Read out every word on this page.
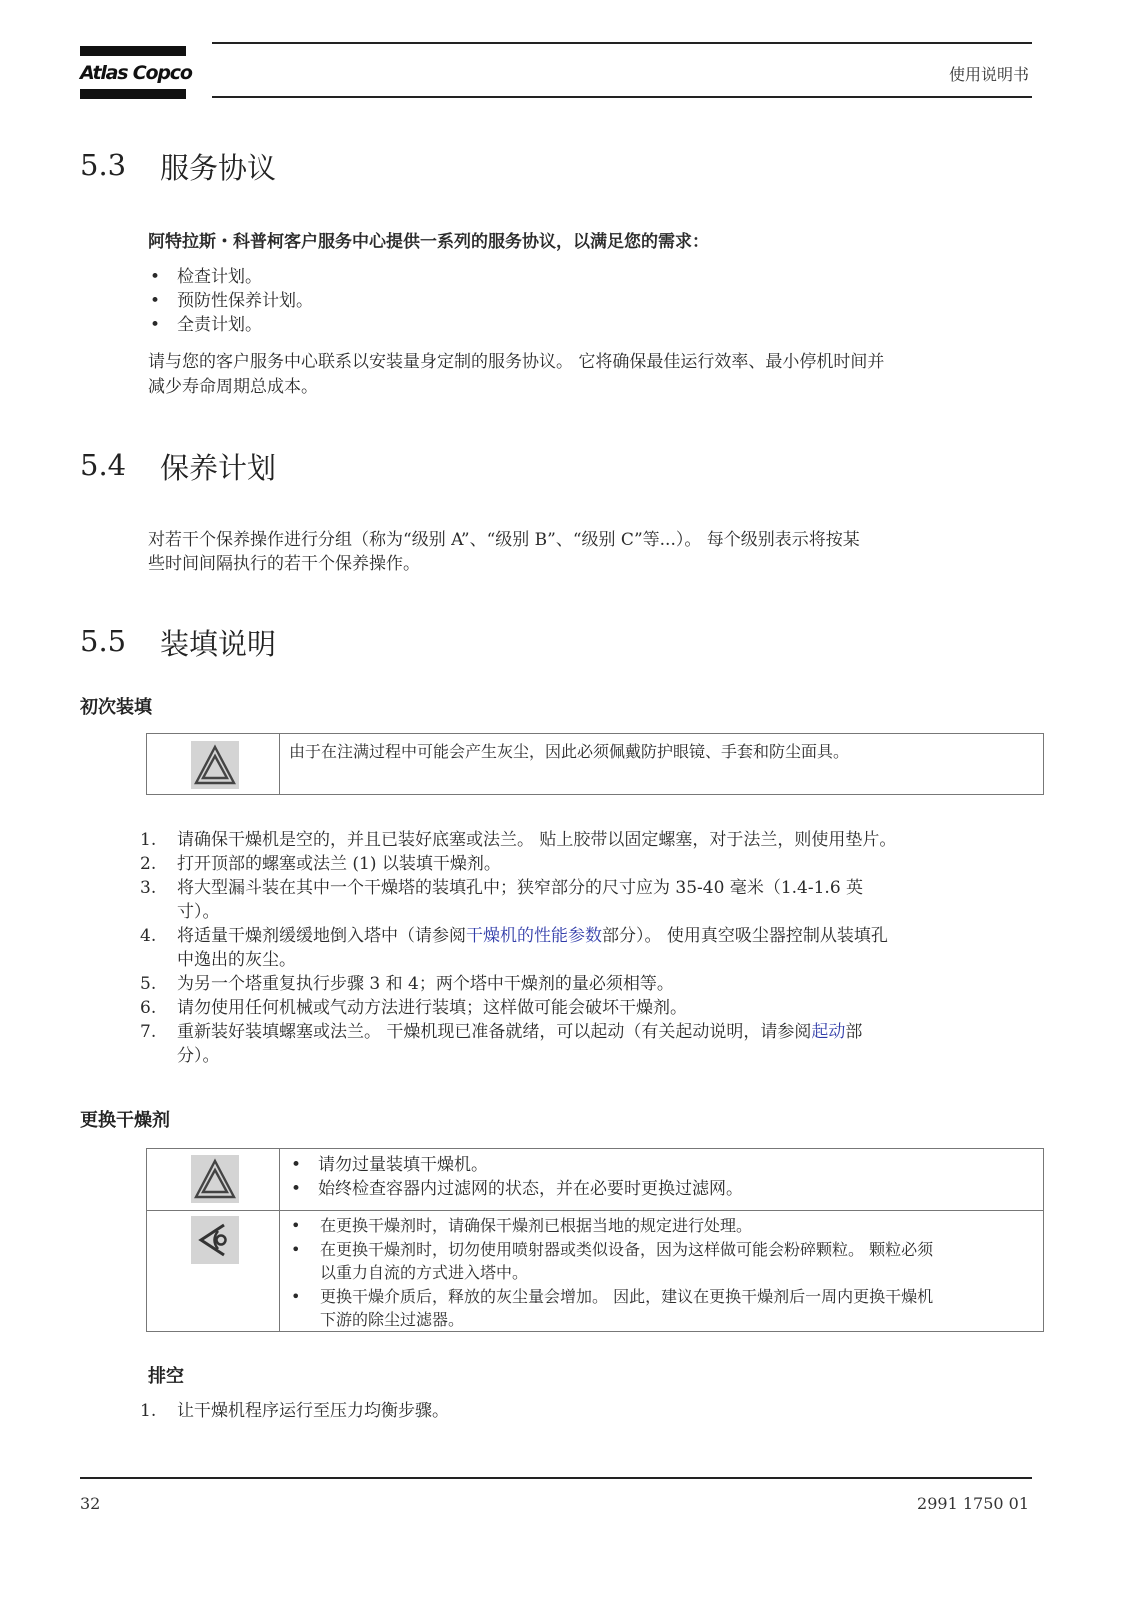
Atlas Copco	使用说明书
5.3 服务协议
阿特拉斯・科普柯客户服务中心提供一系列的服务协议，以满足您的需求：
• 检查计划。
• 预防性保养计划。
• 全责计划。
请与您的客户服务中心联系以安装量身定制的服务协议。 它将确保最佳运行效率、最小停机时间并
减少寿命周期总成本。
5.4 保养计划
对若干个保养操作进行分组（称为“级别 A”、“级别 B”、“级别 C”等...）。 每个级别表示将按某
些时间间隔执行的若干个保养操作。
5.5 装填说明
初次装填
由于在注满过程中可能会产生灰尘，因此必须佩戴防护眼镜、手套和防尘面具。
1. 请确保干燥机是空的，并且已装好底塞或法兰。 贴上胶带以固定螺塞，对于法兰，则使用垫片。
2. 打开顶部的螺塞或法兰 (1) 以装填干燥剂。
3. 将大型漏斗装在其中一个干燥塔的装填孔中；狭窄部分的尺寸应为 35-40 毫米（1.4-1.6 英
寸）。
4. 将适量干燥剂缓缓地倒入塔中（请参阅干燥机的性能参数部分）。 使用真空吸尘器控制从装填孔
中逸出的灰尘。
5. 为另一个塔重复执行步骤 3 和 4；两个塔中干燥剂的量必须相等。
6. 请勿使用任何机械或气动方法进行装填；这样做可能会破坏干燥剂。
7. 重新装好装填螺塞或法兰。 干燥机现已准备就绪，可以起动（有关起动说明，请参阅起动部
分）。
更换干燥剂
• 请勿过量装填干燥机。
• 始终检查容器内过滤网的状态，并在必要时更换过滤网。
• 在更换干燥剂时，请确保干燥剂已根据当地的规定进行处理。
• 在更换干燥剂时，切勿使用喷射器或类似设备，因为这样做可能会粉碎颗粒。 颗粒必须
以重力自流的方式进入塔中。
• 更换干燥介质后，释放的灰尘量会增加。 因此，建议在更换干燥剂后一周内更换干燥机
下游的除尘过滤器。
排空
1. 让干燥机程序运行至压力均衡步骤。
32	2991 1750 01
